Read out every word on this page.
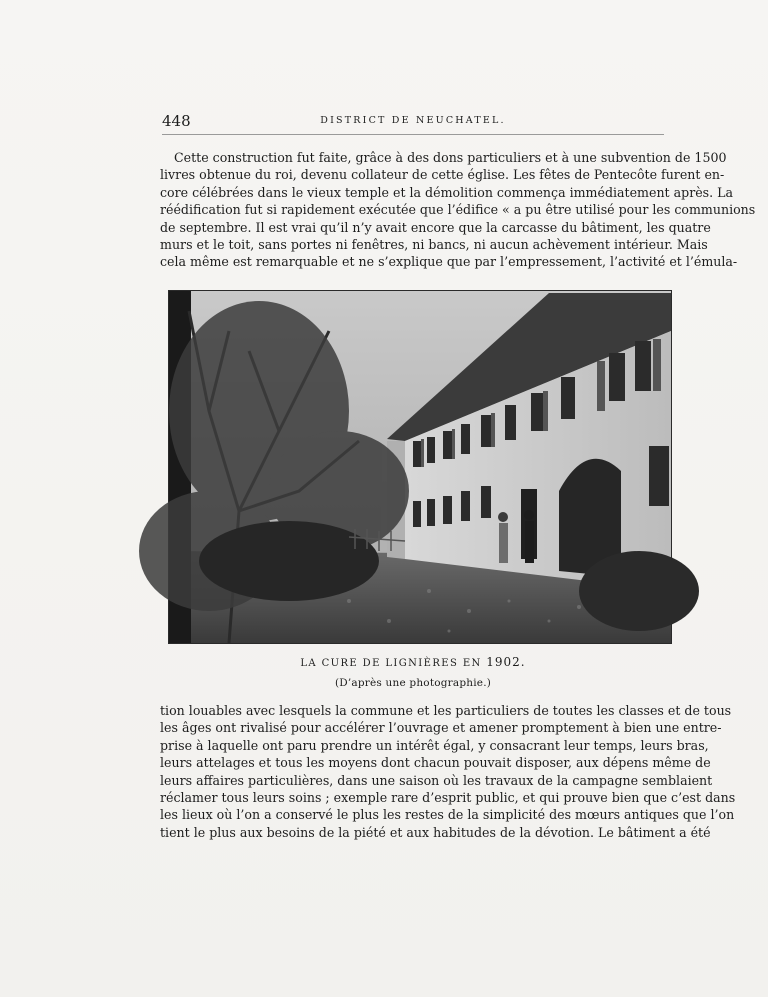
448	DISTRICT DE NEUCHATEL.
Cette construction fut faite, grâce à des dons particuliers et à une subvention de 1500
livres obtenue du roi, devenu collateur de cette église. Les fêtes de Pentecôte furent en-
core célébrées dans le vieux temple et la démolition commença immédiatement après. La
réédification fut si rapidement exécutée que l’édifice « a pu être utilisé pour les communions
de septembre. Il est vrai qu’il n’y avait encore que la carcasse du bâtiment, les quatre
murs et le toit, sans portes ni fenêtres, ni bancs, ni aucun achèvement intérieur. Mais
cela même est remarquable et ne s’explique que par l’empressement, l’activité et l’émula-
LA CURE DE LIGNIÈRES EN 1902.
(D’après une photographie.)
tion louables avec lesquels la commune et les particuliers de toutes les classes et de tous
les âges ont rivalisé pour accélérer l’ouvrage et amener promptement à bien une entre-
prise à laquelle ont paru prendre un intérêt égal, y consacrant leur temps, leurs bras,
leurs attelages et tous les moyens dont chacun pouvait disposer, aux dépens même de
leurs affaires particulières, dans une saison où les travaux de la campagne semblaient
réclamer tous leurs soins ; exemple rare d’esprit public, et qui prouve bien que c’est dans
les lieux où l’on a conservé le plus les restes de la simplicité des mœurs antiques que l’on
tient le plus aux besoins de la piété et aux habitudes de la dévotion. Le bâtiment a été
